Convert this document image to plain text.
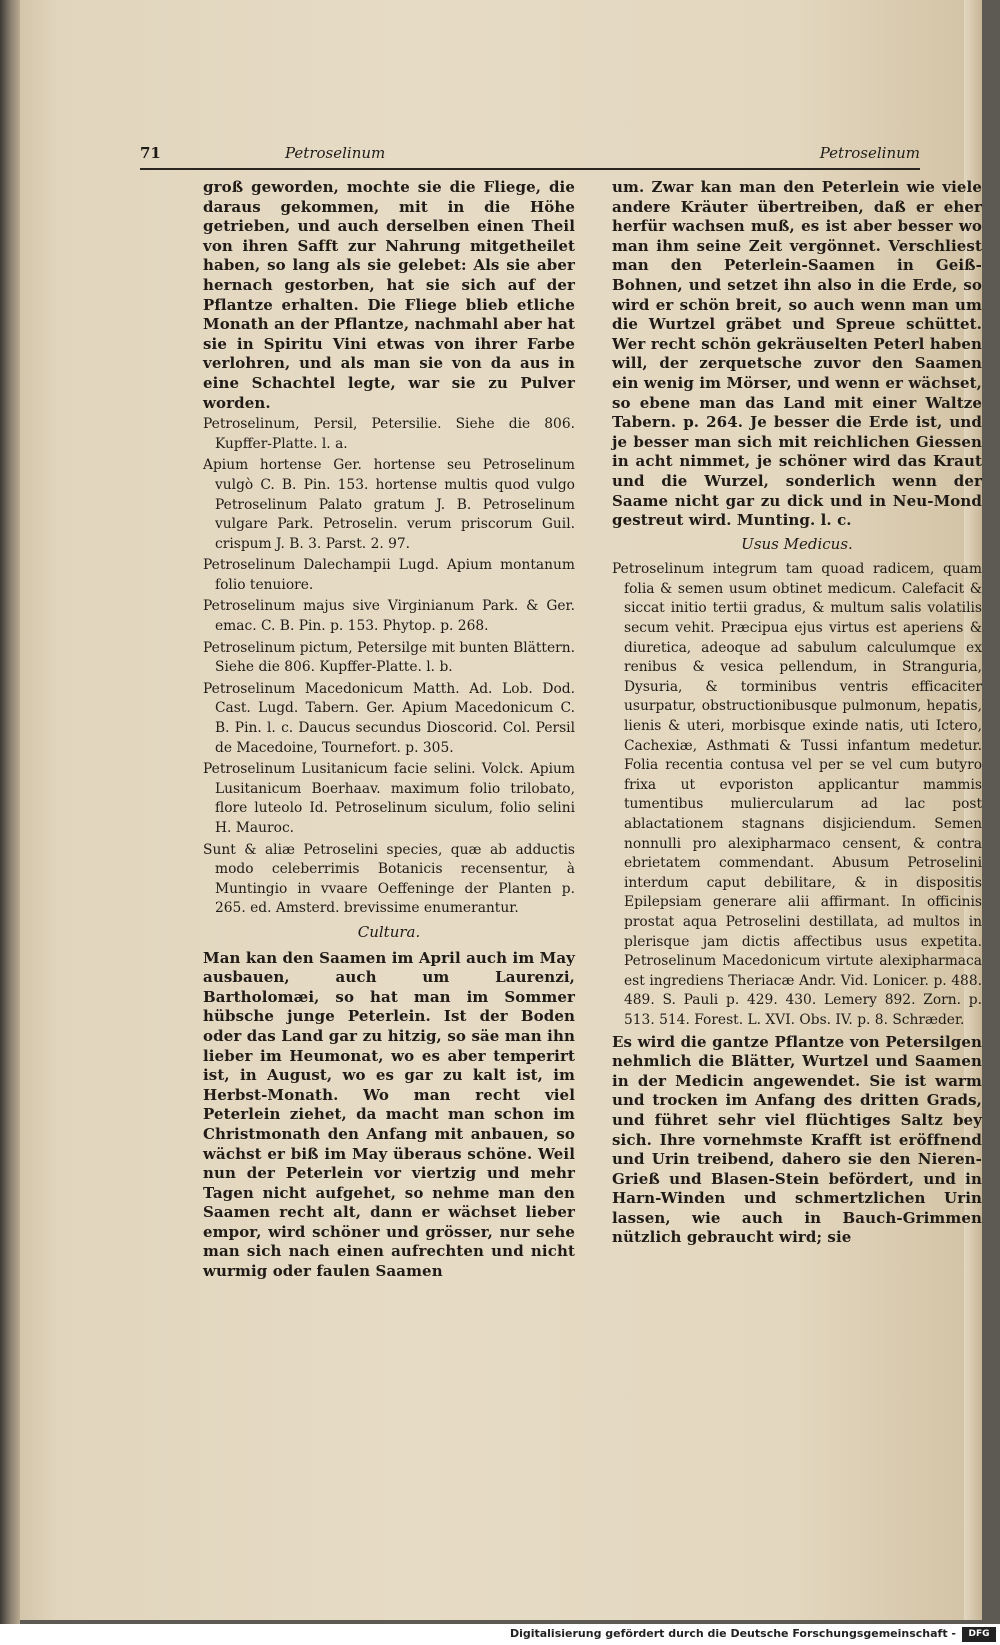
71	Petroselinum	Petroselinum

groß geworden, mochte sie die Fliege, die daraus gekommen, mit in die Höhe getrieben, und auch derselben einen Theil von ihren Safft zur Nahrung mitgetheilet haben, so lang als sie gelebet: Als sie aber hernach gestorben, hat sie sich auf der Pflantze erhalten. Die Fliege blieb etliche Monath an der Pflantze, nachmahl aber hat sie in Spiritu Vini etwas von ihrer Farbe verlohren, und als man sie von da aus in eine Schachtel legte, war sie zu Pulver worden.

Petroselinum, Persil, Petersilie. Siehe die 806. Kupffer-Platte. l. a.

Apium hortense Ger. hortense seu Petroselinum vulgò C. B. Pin. 153. hortense multis quod vulgo Petroselinum Palato gratum J. B. Petroselinum vulgare Park. Petroselin. verum priscorum Guil. crispum J. B. 3. Parst. 2. 97.

Petroselinum Dalechampii Lugd. Apium montanum folio tenuiore.

Petroselinum majus sive Virginianum Park. & Ger. emac. C. B. Pin. p. 153. Phytop. p. 268.

Petroselinum pictum, Petersilge mit bunten Blättern. Siehe die 806. Kupffer-Platte. l. b.

Petroselinum Macedonicum Matth. Ad. Lob. Dod. Cast. Lugd. Tabern. Ger. Apium Macedonicum C. B. Pin. l. c. Daucus secundus Dioscorid. Col. Persil de Macedoine, Tournefort. p. 305.

Petroselinum Lusitanicum facie selini. Volck. Apium Lusitanicum Boerhaav. maximum folio trilobato, flore luteolo Id. Petroselinum siculum, folio selini H. Mauroc.

Sunt & aliæ Petroselini species, quæ ab adductis modo celeberrimis Botanicis recensentur, à Muntingio in vvaare Oeffeninge der Planten p. 265. ed. Amsterd. brevissime enumerantur.

Cultura.

Man kan den Saamen im April auch im May ausbauen, auch um Laurenzi, Bartholomæi, so hat man im Sommer hübsche junge Peterlein. Ist der Boden oder das Land gar zu hitzig, so säe man ihn lieber im Heumonat, wo es aber temperirt ist, in August, wo es gar zu kalt ist, im Herbst-Monath. Wo man recht viel Peterlein ziehet, da macht man schon im Christmonath den Anfang mit anbauen, so wächst er biß im May überaus schöne. Weil nun der Peterlein vor viertzig und mehr Tagen nicht aufgehet, so nehme man den Saamen recht alt, dann er wächset lieber empor, wird schöner und grösser, nur sehe man sich nach einen aufrechten und nicht wurmig oder faulen Saamen

um. Zwar kan man den Peterlein wie viele andere Kräuter übertreiben, daß er eher herfür wachsen muß, es ist aber besser wo man ihm seine Zeit vergönnet. Verschliest man den Peterlein-Saamen in Geiß-Bohnen, und setzet ihn also in die Erde, so wird er schön breit, so auch wenn man um die Wurtzel gräbet und Spreue schüttet. Wer recht schön gekräuselten Peterl haben will, der zerquetsche zuvor den Saamen ein wenig im Mörser, und wenn er wächset, so ebene man das Land mit einer Waltze Tabern. p. 264. Je besser die Erde ist, und je besser man sich mit reichlichen Giessen in acht nimmet, je schöner wird das Kraut und die Wurzel, sonderlich wenn der Saame nicht gar zu dick und in Neu-Mond gestreut wird. Munting. l. c.

Usus Medicus.

Petroselinum integrum tam quoad radicem, quam folia & semen usum obtinet medicum. Calefacit & siccat initio tertii gradus, & multum salis volatilis secum vehit. Præcipua ejus virtus est aperiens & diuretica, adeoque ad sabulum calculumque ex renibus & vesica pellendum, in Stranguria, Dysuria, & torminibus ventris efficaciter usurpatur, obstructionibusque pulmonum, hepatis, lienis & uteri, morbisque exinde natis, uti Ictero, Cachexiæ, Asthmati & Tussi infantum medetur. Folia recentia contusa vel per se vel cum butyro frixa ut evporiston applicantur mammis tumentibus muliercularum ad lac post ablactationem stagnans disjiciendum. Semen nonnulli pro alexipharmaco censent, & contra ebrietatem commendant. Abusum Petroselini interdum caput debilitare, & in dispositis Epilepsiam generare alii affirmant. In officinis prostat aqua Petroselini destillata, ad multos in plerisque jam dictis affectibus usus expetita. Petroselinum Macedonicum virtute alexipharmaca est ingrediens Theriacæ Andr. Vid. Lonicer. p. 488. 489. S. Pauli p. 429. 430. Lemery 892. Zorn. p. 513. 514. Forest. L. XVI. Obs. IV. p. 8. Schræder.

Es wird die gantze Pflantze von Petersilgen nehmlich die Blätter, Wurtzel und Saamen in der Medicin angewendet. Sie ist warm und trocken im Anfang des dritten Grads, und führet sehr viel flüchtiges Saltz bey sich. Ihre vornehmste Krafft ist eröffnend und Urin treibend, dahero sie den Nieren-Grieß und Blasen-Stein befördert, und in Harn-Winden und schmertzlichen Urin lassen, wie auch in Bauch-Grimmen nützlich gebraucht wird; sie

Digitalisierung gefördert durch die Deutsche Forschungsgemeinschaft -	DFG
